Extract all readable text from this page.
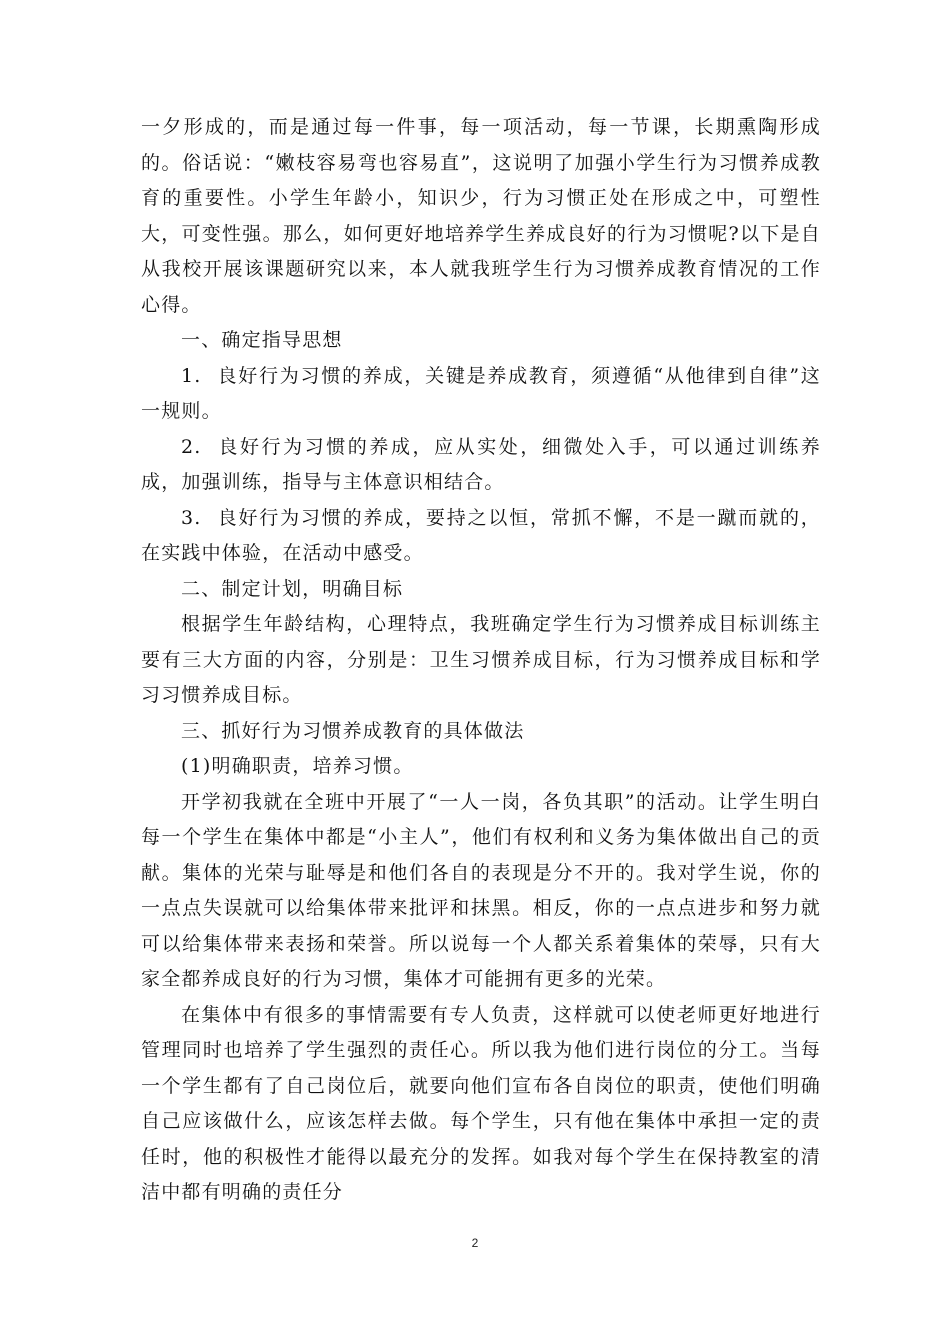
一夕形成的，而是通过每一件事，每一项活动，每一节课，长期熏陶形成的。俗话说：“嫩枝容易弯也容易直”，这说明了加强小学生行为习惯养成教育的重要性。小学生年龄小，知识少，行为习惯正处在形成之中，可塑性大，可变性强。那么，如何更好地培养学生养成良好的行为习惯呢?以下是自从我校开展该课题研究以来，本人就我班学生行为习惯养成教育情况的工作心得。

一、确定指导思想

1. 良好行为习惯的养成，关键是养成教育，须遵循“从他律到自律”这一规则。

2. 良好行为习惯的养成，应从实处，细微处入手，可以通过训练养成，加强训练，指导与主体意识相结合。

3. 良好行为习惯的养成，要持之以恒，常抓不懈，不是一蹴而就的，在实践中体验，在活动中感受。

二、制定计划，明确目标

根据学生年龄结构，心理特点，我班确定学生行为习惯养成目标训练主要有三大方面的内容，分别是：卫生习惯养成目标，行为习惯养成目标和学习习惯养成目标。

三、抓好行为习惯养成教育的具体做法

(1)明确职责，培养习惯。

开学初我就在全班中开展了“一人一岗，各负其职”的活动。让学生明白每一个学生在集体中都是“小主人”，他们有权利和义务为集体做出自己的贡献。集体的光荣与耻辱是和他们各自的表现是分不开的。我对学生说，你的一点点失误就可以给集体带来批评和抹黑。相反，你的一点点进步和努力就可以给集体带来表扬和荣誉。所以说每一个人都关系着集体的荣辱，只有大家全都养成良好的行为习惯，集体才可能拥有更多的光荣。

在集体中有很多的事情需要有专人负责，这样就可以使老师更好地进行管理同时也培养了学生强烈的责任心。所以我为他们进行岗位的分工。当每一个学生都有了自己岗位后，就要向他们宣布各自岗位的职责，使他们明确自己应该做什么，应该怎样去做。每个学生，只有他在集体中承担一定的责任时，他的积极性才能得以最充分的发挥。如我对每个学生在保持教室的清洁中都有明确的责任分

2
